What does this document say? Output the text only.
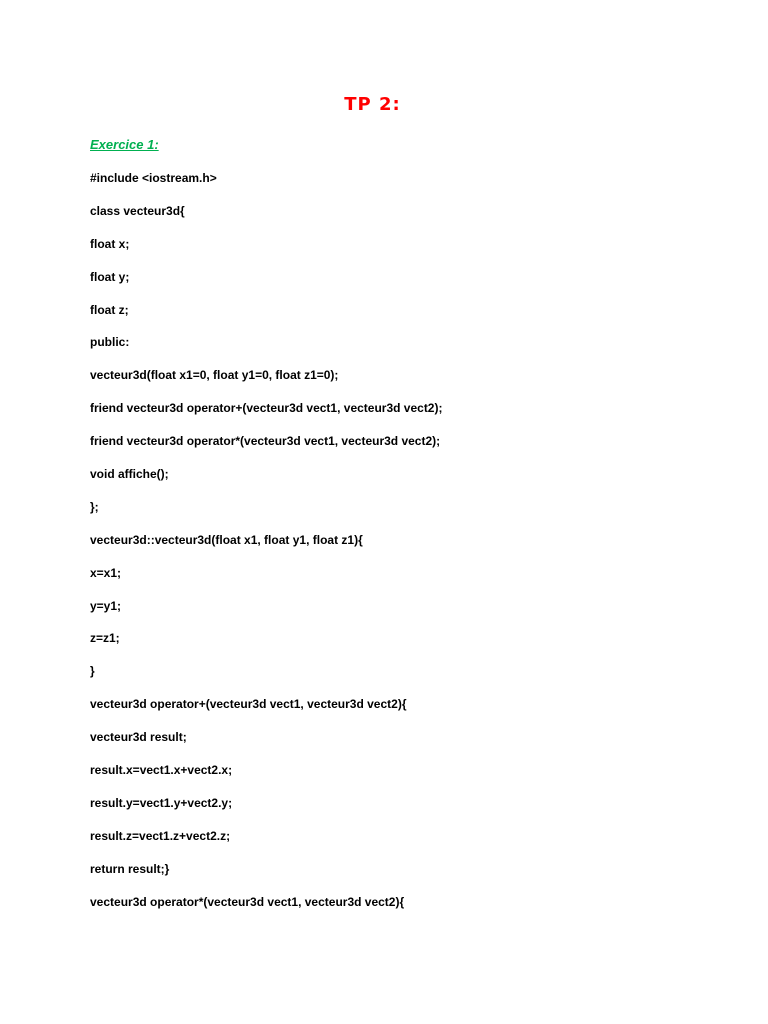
TP 2:
Exercice 1:
#include <iostream.h>
class vecteur3d{
float x;
float y;
float z;
public:
vecteur3d(float x1=0, float y1=0, float z1=0);
friend vecteur3d operator+(vecteur3d vect1, vecteur3d vect2);
friend vecteur3d operator*(vecteur3d vect1, vecteur3d vect2);
void affiche();
};
vecteur3d::vecteur3d(float x1, float y1, float z1){
x=x1;
y=y1;
z=z1;
}
vecteur3d operator+(vecteur3d vect1, vecteur3d vect2){
vecteur3d result;
result.x=vect1.x+vect2.x;
result.y=vect1.y+vect2.y;
result.z=vect1.z+vect2.z;
return result;}
vecteur3d operator*(vecteur3d vect1, vecteur3d vect2){
